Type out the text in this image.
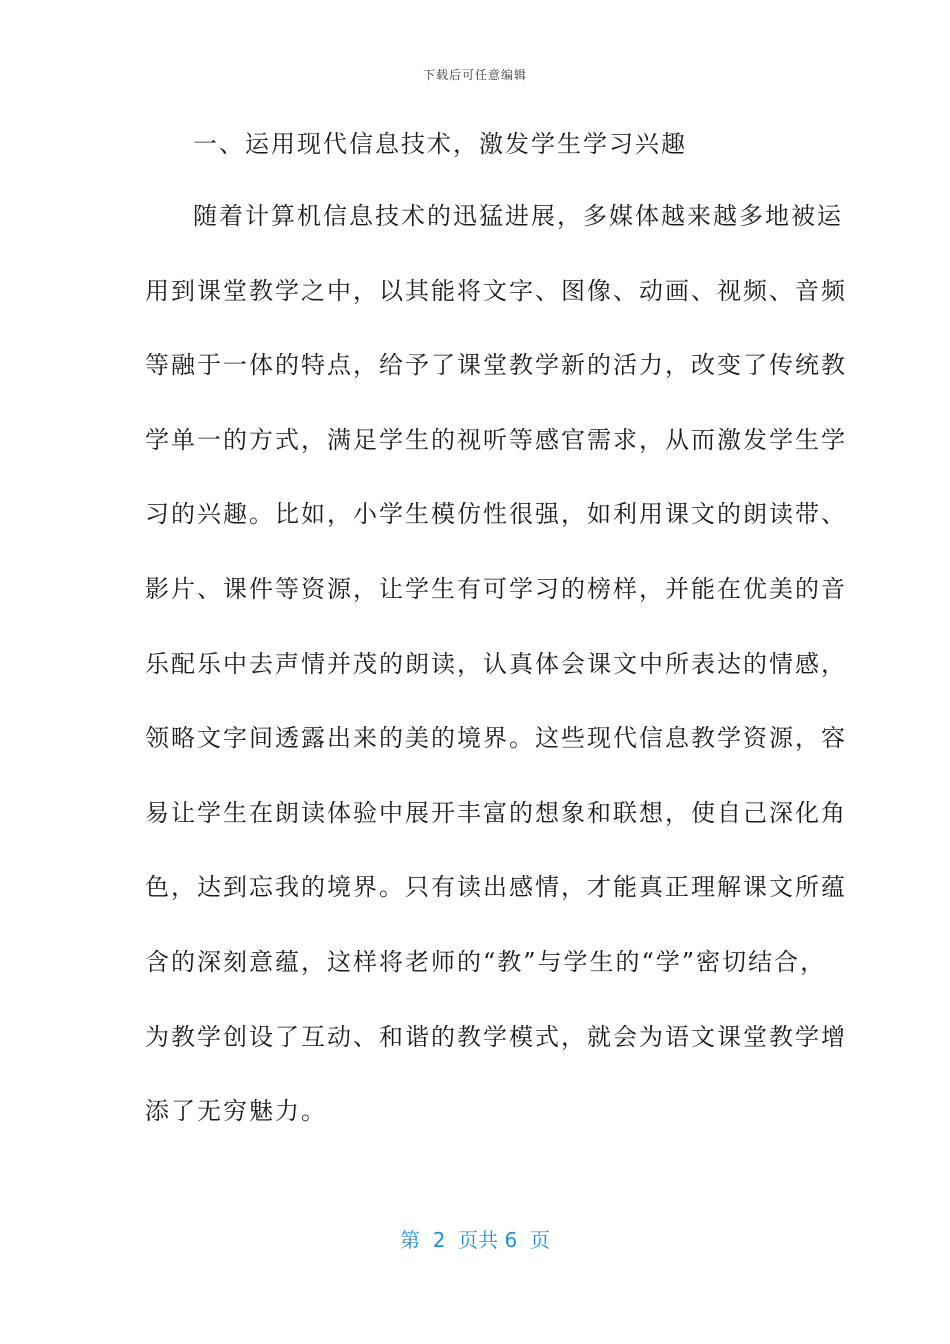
下载后可任意编辑
一、运用现代信息技术，激发学生学习兴趣
随着计算机信息技术的迅猛进展，多媒体越来越多地被运
用到课堂教学之中，以其能将文字、图像、动画、视频、音频
等融于一体的特点，给予了课堂教学新的活力，改变了传统教
学单一的方式，满足学生的视听等感官需求，从而激发学生学
习的兴趣。比如，小学生模仿性很强，如利用课文的朗读带、
影片、课件等资源，让学生有可学习的榜样，并能在优美的音
乐配乐中去声情并茂的朗读，认真体会课文中所表达的情感，
领略文字间透露出来的美的境界。这些现代信息教学资源，容
易让学生在朗读体验中展开丰富的想象和联想，使自己深化角
色，达到忘我的境界。只有读出感情，才能真正理解课文所蕴
含的深刻意蕴，这样将老师的“教”与学生的“学”密切结合，
为教学创设了互动、和谐的教学模式，就会为语文课堂教学增
添了无穷魅力。
第  2  页共 6  页
